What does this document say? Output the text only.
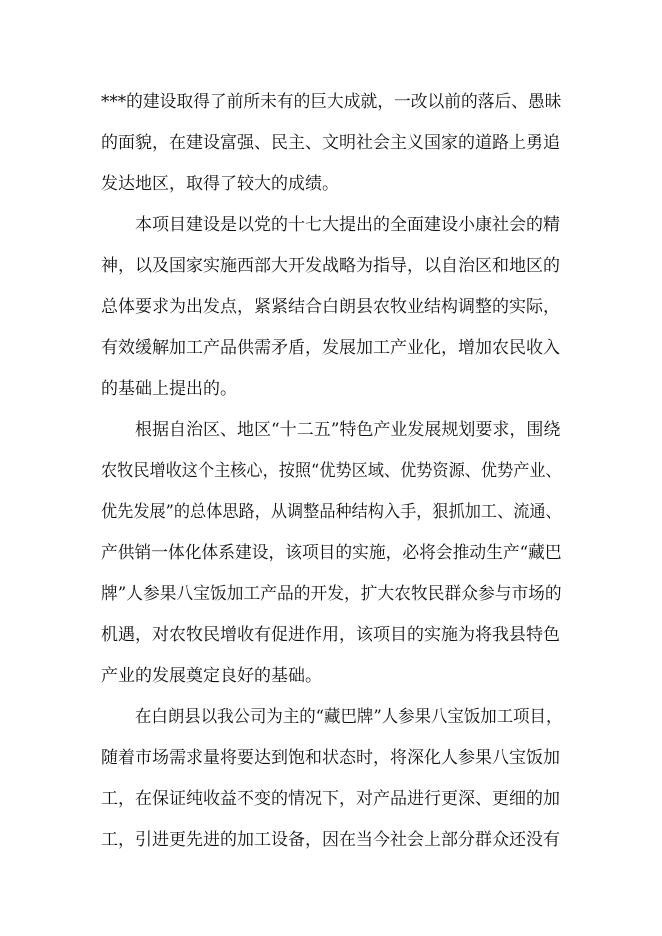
***的建设取得了前所未有的巨大成就，一改以前的落后、愚昧
的面貌，在建设富强、民主、文明社会主义国家的道路上勇追
发达地区，取得了较大的成绩。
本项目建设是以党的十七大提出的全面建设小康社会的精
神，以及国家实施西部大开发战略为指导，以自治区和地区的
总体要求为出发点，紧紧结合白朗县农牧业结构调整的实际，
有效缓解加工产品供需矛盾，发展加工产业化，增加农民收入
的基础上提出的。
根据自治区、地区“十二五”特色产业发展规划要求，围绕
农牧民增收这个主核心，按照“优势区域、优势资源、优势产业、
优先发展”的总体思路，从调整品种结构入手，狠抓加工、流通、
产供销一体化体系建设，该项目的实施，必将会推动生产“藏巴
牌”人参果八宝饭加工产品的开发，扩大农牧民群众参与市场的
机遇，对农牧民增收有促进作用，该项目的实施为将我县特色
产业的发展奠定良好的基础。
在白朗县以我公司为主的“藏巴牌”人参果八宝饭加工项目，
随着市场需求量将要达到饱和状态时，将深化人参果八宝饭加
工，在保证纯收益不变的情况下，对产品进行更深、更细的加
工，引进更先进的加工设备，因在当今社会上部分群众还没有
